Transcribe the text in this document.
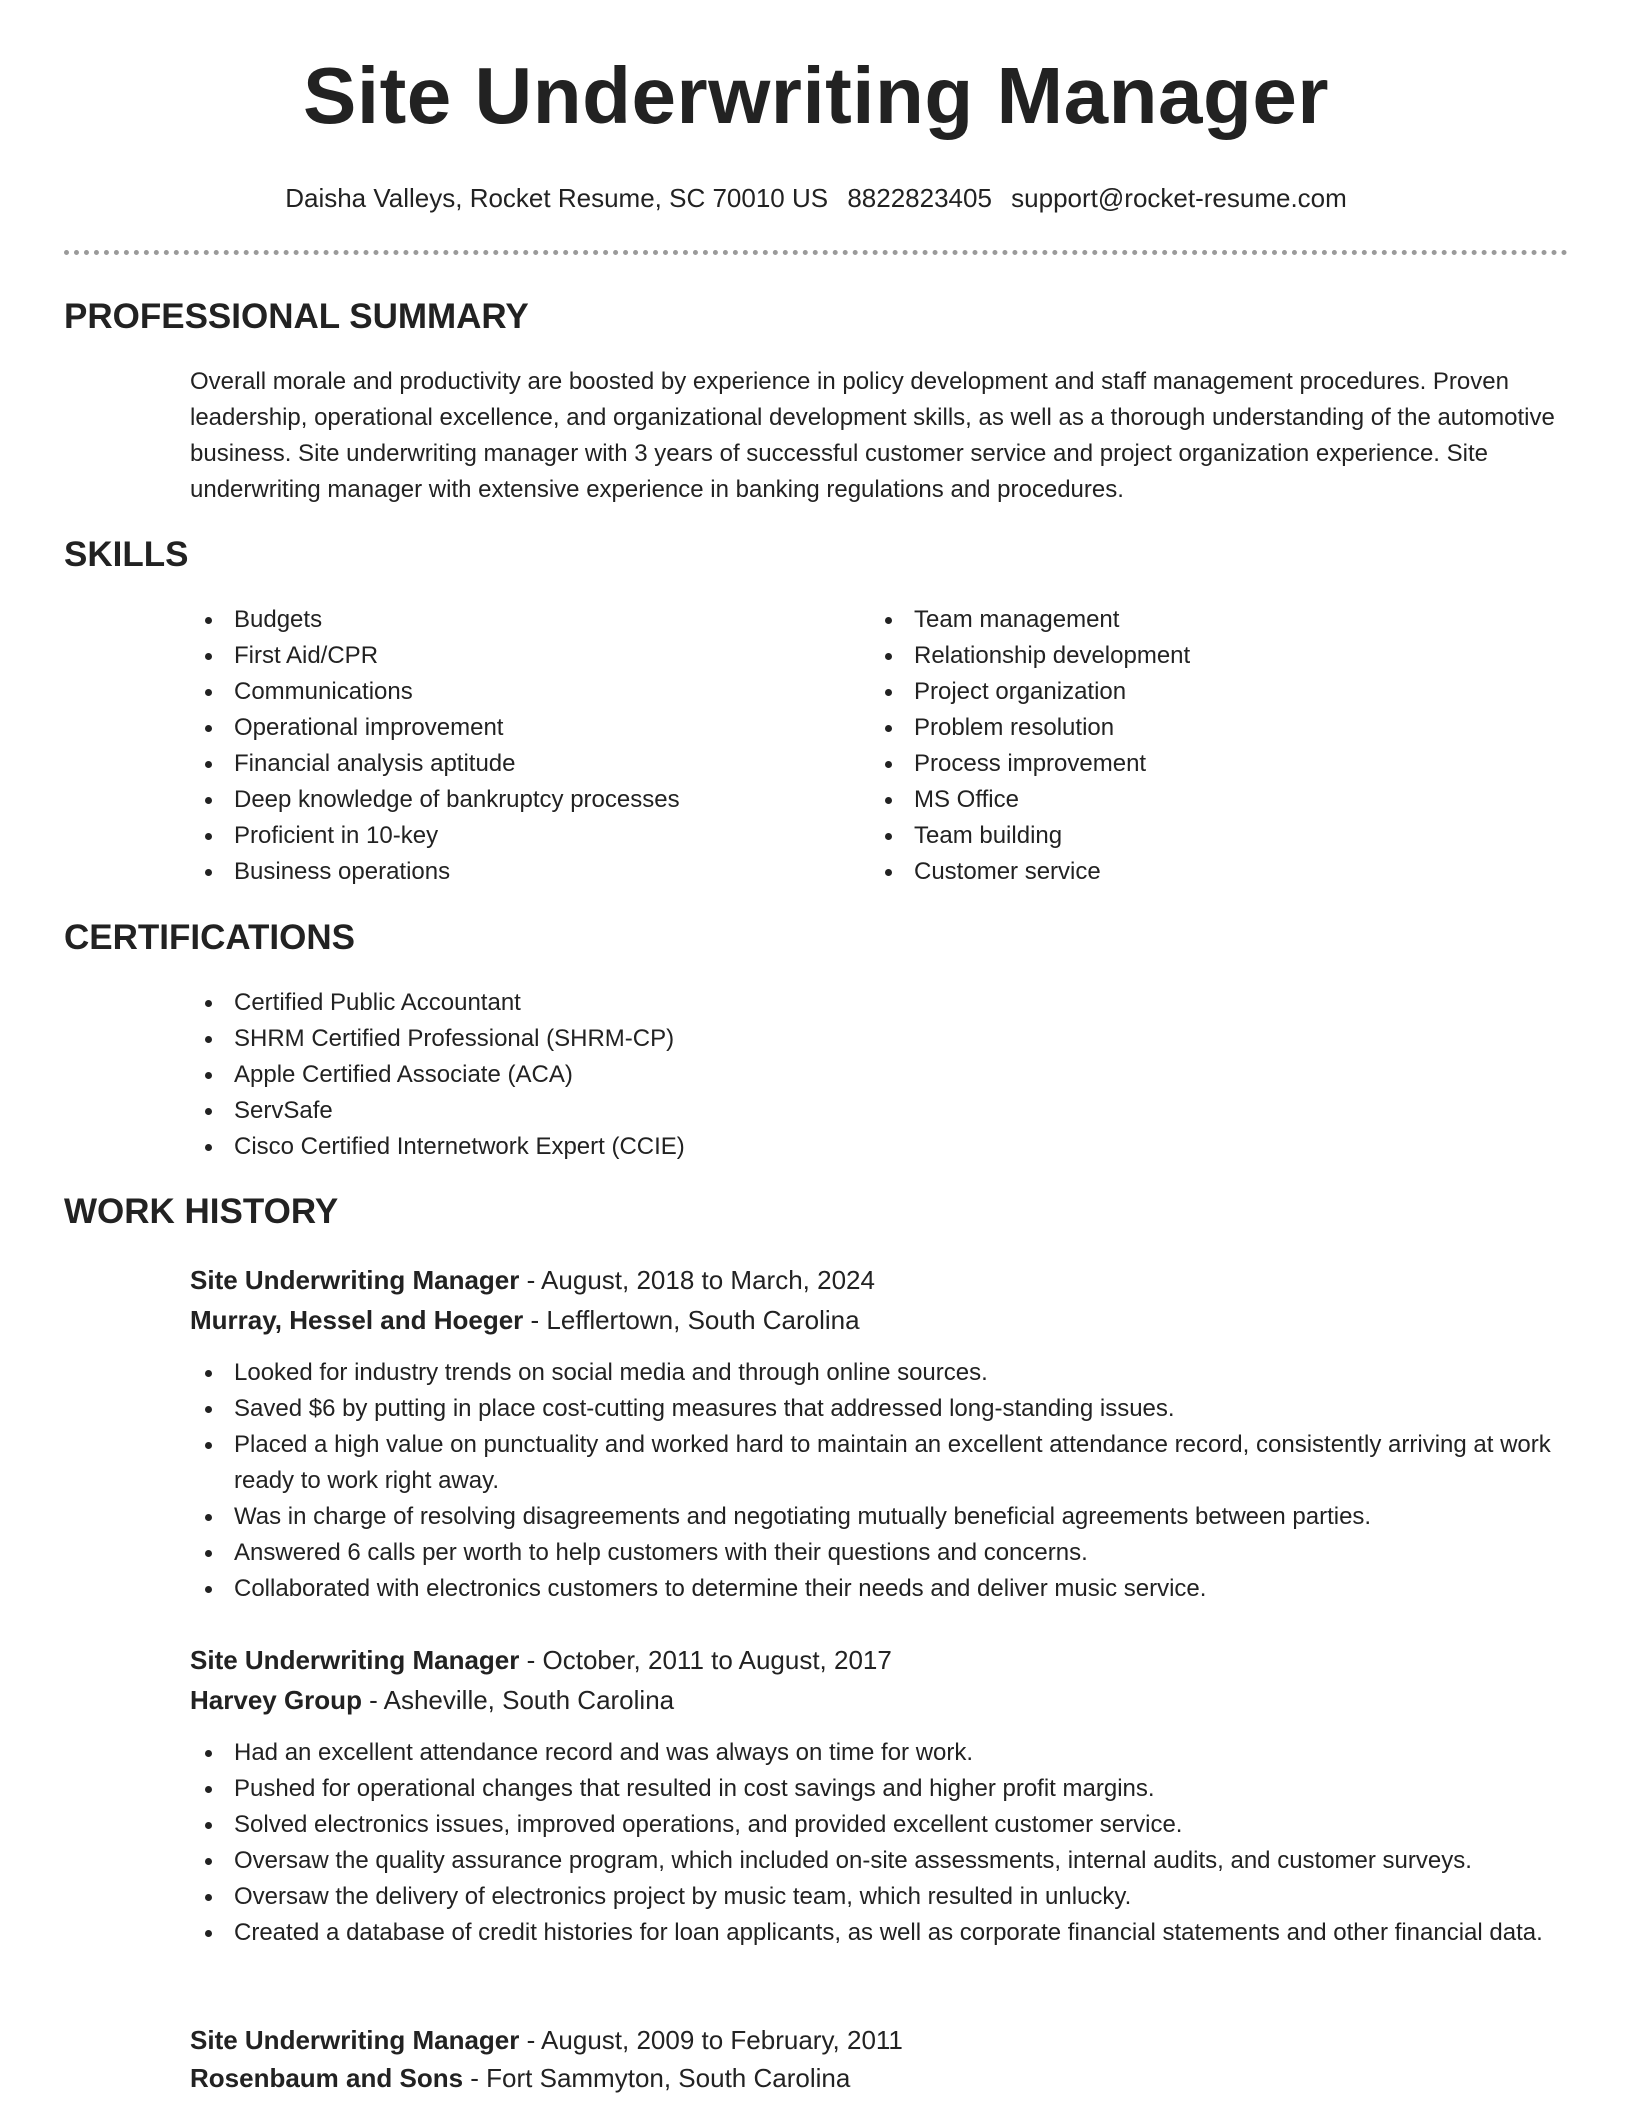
Site Underwriting Manager
Daisha Valleys, Rocket Resume, SC 70010 US 8822823405 support@rocket-resume.com
PROFESSIONAL SUMMARY
Overall morale and productivity are boosted by experience in policy development and staff management procedures. Proven leadership, operational excellence, and organizational development skills, as well as a thorough understanding of the automotive business. Site underwriting manager with 3 years of successful customer service and project organization experience. Site underwriting manager with extensive experience in banking regulations and procedures.
SKILLS
Budgets
First Aid/CPR
Communications
Operational improvement
Financial analysis aptitude
Deep knowledge of bankruptcy processes
Proficient in 10-key
Business operations
Team management
Relationship development
Project organization
Problem resolution
Process improvement
MS Office
Team building
Customer service
CERTIFICATIONS
Certified Public Accountant
SHRM Certified Professional (SHRM-CP)
Apple Certified Associate (ACA)
ServSafe
Cisco Certified Internetwork Expert (CCIE)
WORK HISTORY
Site Underwriting Manager - August, 2018 to March, 2024
Murray, Hessel and Hoeger - Lefflertown, South Carolina
Looked for industry trends on social media and through online sources.
Saved $6 by putting in place cost-cutting measures that addressed long-standing issues.
Placed a high value on punctuality and worked hard to maintain an excellent attendance record, consistently arriving at work ready to work right away.
Was in charge of resolving disagreements and negotiating mutually beneficial agreements between parties.
Answered 6 calls per worth to help customers with their questions and concerns.
Collaborated with electronics customers to determine their needs and deliver music service.
Site Underwriting Manager - October, 2011 to August, 2017
Harvey Group - Asheville, South Carolina
Had an excellent attendance record and was always on time for work.
Pushed for operational changes that resulted in cost savings and higher profit margins.
Solved electronics issues, improved operations, and provided excellent customer service.
Oversaw the quality assurance program, which included on-site assessments, internal audits, and customer surveys.
Oversaw the delivery of electronics project by music team, which resulted in unlucky.
Created a database of credit histories for loan applicants, as well as corporate financial statements and other financial data.
Site Underwriting Manager - August, 2009 to February, 2011
Rosenbaum and Sons - Fort Sammyton, South Carolina
